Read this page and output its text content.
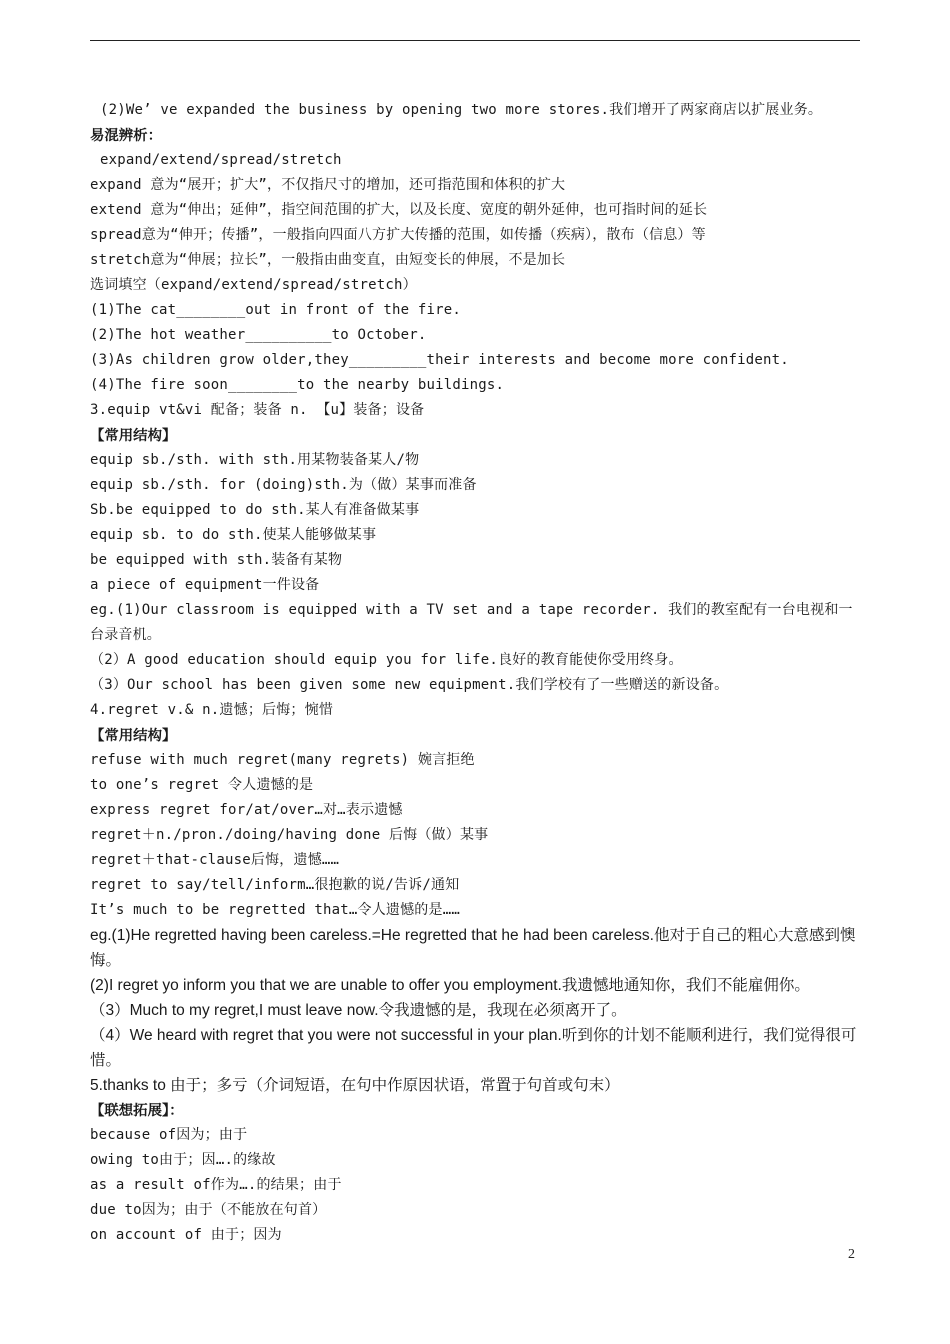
(2)We’ ve expanded the business by opening two more stores.我们增开了两家商店以扩展业务。
易混辨析：
expand/extend/spread/stretch
expand 意为“展开；扩大”，不仅指尺寸的增加，还可指范围和体积的扩大
extend 意为“伸出；延伸”，指空间范围的扩大，以及长度、宽度的朝外延伸，也可指时间的延长
spread意为“伸开；传播”，一般指向四面八方扩大传播的范围，如传播（疾病），散布（信息）等
stretch意为“伸展；拉长”，一般指由曲变直，由短变长的伸展，不是加长
选词填空（expand/extend/spread/stretch）
(1)The cat________out in front of the fire.
(2)The hot weather__________to October.
(3)As children grow older,they_________their interests and become more confident.
(4)The fire soon________to the nearby buildings.
3.equip vt&vi 配备；装备 n. 【u】装备；设备
【常用结构】
equip sb./sth. with sth.用某物装备某人/物
equip sb./sth. for (doing)sth.为（做）某事而准备
Sb.be equipped to do sth.某人有准备做某事
equip sb. to do sth.使某人能够做某事
be equipped with sth.装备有某物
a piece of equipment一件设备
eg.(1)Our classroom is equipped with a TV set and a tape recorder. 我们的教室配有一台电视和一台录音机。
（2）A good education should equip you for life.良好的教育能使你受用终身。
（3）Our school has been given some new equipment.我们学校有了一些赠送的新设备。
4.regret v.& n.遗憾；后悔；惋惜
【常用结构】
refuse with much regret(many regrets) 婉言拒绝
to one’s regret 令人遗憾的是
express regret for/at/over…对…表示遗憾
regret＋n./pron./doing/having done 后悔（做）某事
regret＋that-clause后悔，遗憾……
regret to say/tell/inform…很抱歉的说/告诉/通知
It’s much to be regretted that…令人遗憾的是……
eg.(1)He regretted having been careless.=He regretted that he had been careless.他对于自己的粗心大意感到懊悔。
(2)I regret yo inform you that we are unable to offer you employment.我遗憾地通知你，我们不能雇佣你。
（3）Much to my regret,I must leave now.令我遗憾的是，我现在必须离开了。
（4）We heard with regret that you were not successful in your plan.听到你的计划不能顺利进行，我们觉得很可惜。
5.thanks to 由于；多亏（介词短语，在句中作原因状语，常置于句首或句末）
【联想拓展】：
because of因为；由于
owing to由于；因….的缘故
as a result of作为….的结果；由于
due to因为；由于（不能放在句首）
on account of 由于；因为
2
